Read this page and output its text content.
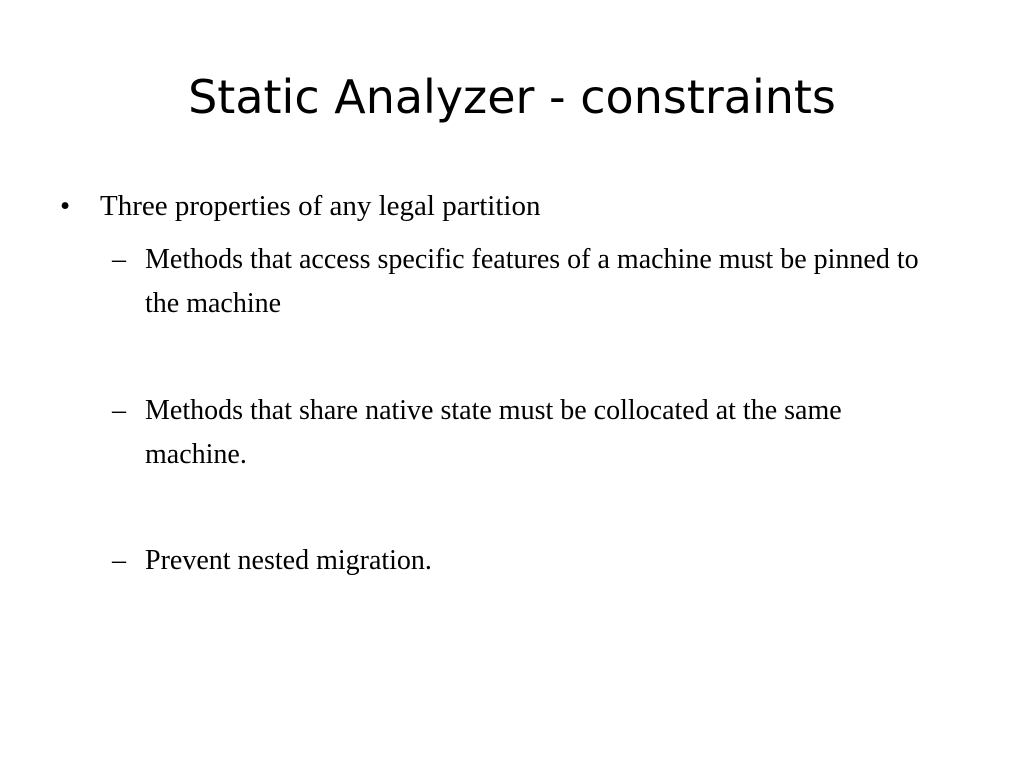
Static Analyzer - constraints
•	Three properties of any legal partition
– Methods that access specific features of a machine must be pinned to the machine
– Methods that share native state must be collocated at the same machine.
– Prevent nested migration.
